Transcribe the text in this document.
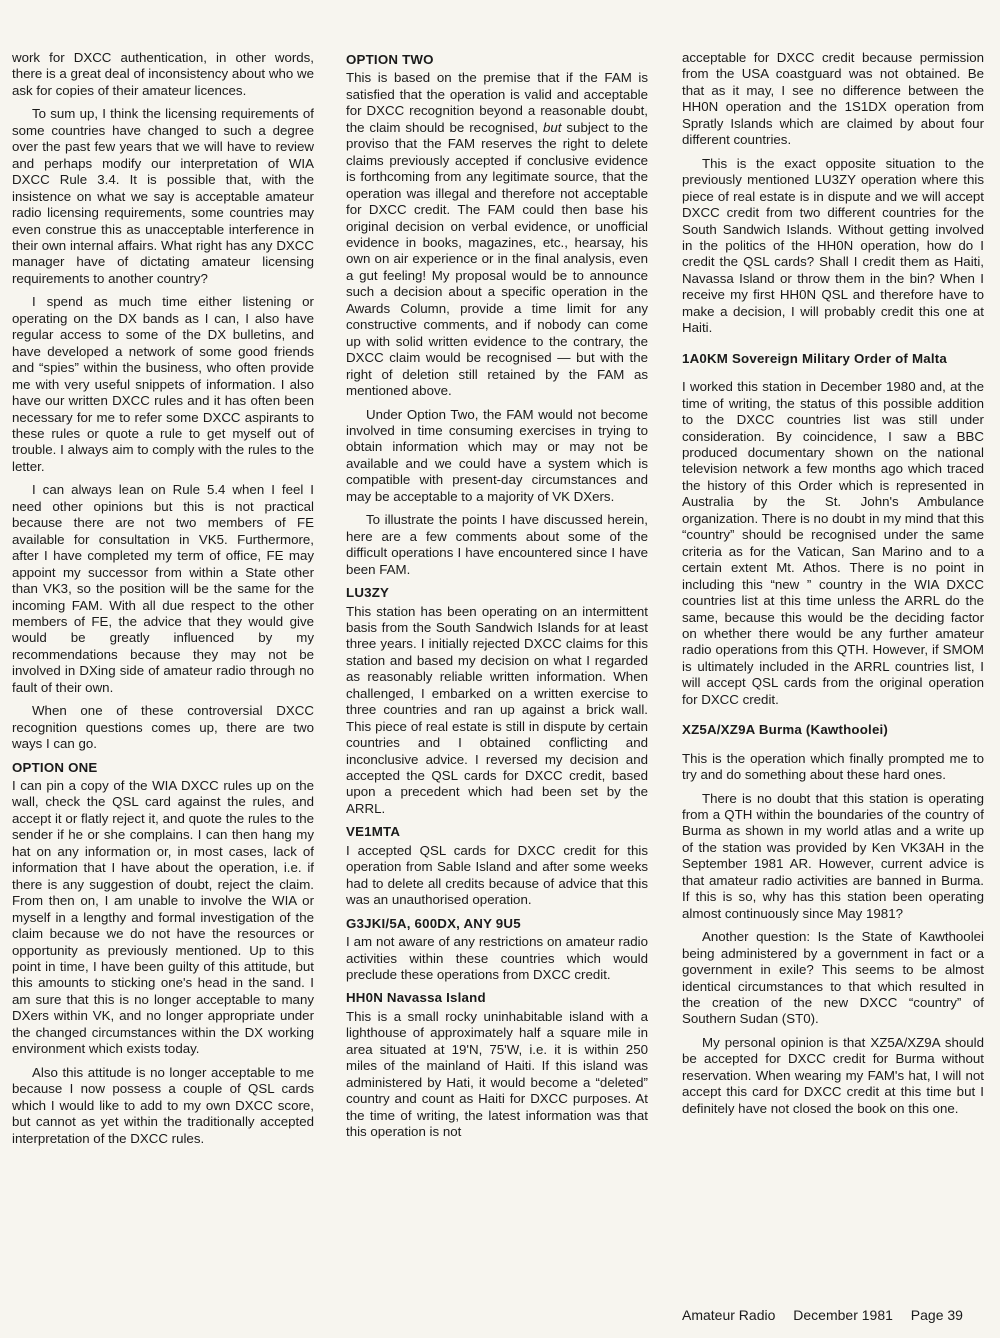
work for DXCC authentication, in other words, there is a great deal of inconsistency about who we ask for copies of their amateur licences.

To sum up, I think the licensing requirements of some countries have changed to such a degree over the past few years that we will have to review and perhaps modify our interpretation of WIA DXCC Rule 3.4. It is possible that, with the insistence on what we say is acceptable amateur radio licensing requirements, some countries may even construe this as unacceptable interference in their own internal affairs. What right has any DXCC manager have of dictating amateur licensing requirements to another country?

I spend as much time either listening or operating on the DX bands as I can, I also have regular access to some of the DX bulletins, and have developed a network of some good friends and “spies” within the business, who often provide me with very useful snippets of information. I also have our written DXCC rules and it has often been necessary for me to refer some DXCC aspirants to these rules or quote a rule to get myself out of trouble. I always aim to comply with the rules to the letter.

I can always lean on Rule 5.4 when I feel I need other opinions but this is not practical because there are not two members of FE available for consultation in VK5. Furthermore, after I have completed my term of office, FE may appoint my successor from within a State other than VK3, so the position will be the same for the incoming FAM. With all due respect to the other members of FE, the advice that they would give would be greatly influenced by my recommendations because they may not be involved in DXing side of amateur radio through no fault of their own.

When one of these controversial DXCC recognition questions comes up, there are two ways I can go.

OPTION ONE

I can pin a copy of the WIA DXCC rules up on the wall, check the QSL card against the rules, and accept it or flatly reject it, and quote the rules to the sender if he or she complains. I can then hang my hat on any information or, in most cases, lack of information that I have about the operation, i.e. if there is any suggestion of doubt, reject the claim. From then on, I am unable to involve the WIA or myself in a lengthy and formal investigation of the claim because we do not have the resources or opportunity as previously mentioned. Up to this point in time, I have been guilty of this attitude, but this amounts to sticking one's head in the sand. I am sure that this is no longer acceptable to many DXers within VK, and no longer appropriate under the changed circumstances within the DX working environment which exists today.

Also this attitude is no longer acceptable to me because I now possess a couple of QSL cards which I would like to add to my own DXCC score, but cannot as yet within the traditionally accepted interpretation of the DXCC rules.

OPTION TWO

This is based on the premise that if the FAM is satisfied that the operation is valid and acceptable for DXCC recognition beyond a reasonable doubt, the claim should be recognised, but subject to the proviso that the FAM reserves the right to delete claims previously accepted if conclusive evidence is forthcoming from any legitimate source, that the operation was illegal and therefore not acceptable for DXCC credit. The FAM could then base his original decision on verbal evidence, or unofficial evidence in books, magazines, etc., hearsay, his own on air experience or in the final analysis, even a gut feeling! My proposal would be to announce such a decision about a specific operation in the Awards Column, provide a time limit for any constructive comments, and if nobody can come up with solid written evidence to the contrary, the DXCC claim would be recognised — but with the right of deletion still retained by the FAM as mentioned above.

Under Option Two, the FAM would not become involved in time consuming exercises in trying to obtain information which may or may not be available and we could have a system which is compatible with present-day circumstances and may be acceptable to a majority of VK DXers.

To illustrate the points I have discussed herein, here are a few comments about some of the difficult operations I have encountered since I have been FAM.

LU3ZY

This station has been operating on an intermittent basis from the South Sandwich Islands for at least three years. I initially rejected DXCC claims for this station and based my decision on what I regarded as reasonably reliable written information. When challenged, I embarked on a written exercise to three countries and ran up against a brick wall. This piece of real estate is still in dispute by certain countries and I obtained conflicting and inconclusive advice. I reversed my decision and accepted the QSL cards for DXCC credit, based upon a precedent which had been set by the ARRL.

VE1MTA

I accepted QSL cards for DXCC credit for this operation from Sable Island and after some weeks had to delete all credits because of advice that this was an unauthorised operation.

G3JKI/5A, 600DX, ANY 9U5

I am not aware of any restrictions on amateur radio activities within these countries which would preclude these operations from DXCC credit.

HH0N Navassa Island

This is a small rocky uninhabitable island with a lighthouse of approximately half a square mile in area situated at 19'N, 75'W, i.e. it is within 250 miles of the mainland of Haiti. If this island was administered by Hati, it would become a “deleted” country and count as Haiti for DXCC purposes. At the time of writing, the latest information was that this operation is not

acceptable for DXCC credit because permission from the USA coastguard was not obtained. Be that as it may, I see no difference between the HH0N operation and the 1S1DX operation from Spratly Islands which are claimed by about four different countries.

This is the exact opposite situation to the previously mentioned LU3ZY operation where this piece of real estate is in dispute and we will accept DXCC credit from two different countries for the South Sandwich Islands. Without getting involved in the politics of the HH0N operation, how do I credit the QSL cards? Shall I credit them as Haiti, Navassa Island or throw them in the bin? When I receive my first HH0N QSL and therefore have to make a decision, I will probably credit this one at Haiti.

1A0KM Sovereign Military Order of Malta

I worked this station in December 1980 and, at the time of writing, the status of this possible addition to the DXCC countries list was still under consideration. By coincidence, I saw a BBC produced documentary shown on the national television network a few months ago which traced the history of this Order which is represented in Australia by the St. John's Ambulance organization. There is no doubt in my mind that this “country” should be recognised under the same criteria as for the Vatican, San Marino and to a certain extent Mt. Athos. There is no point in including this “new ” country in the WIA DXCC countries list at this time unless the ARRL do the same, because this would be the deciding factor on whether there would be any further amateur radio operations from this QTH. However, if SMOM is ultimately included in the ARRL countries list, I will accept QSL cards from the original operation for DXCC credit.

XZ5A/XZ9A Burma (Kawthoolei)

This is the operation which finally prompted me to try and do something about these hard ones.

There is no doubt that this station is operating from a QTH within the boundaries of the country of Burma as shown in my world atlas and a write up of the station was provided by Ken VK3AH in the September 1981 AR. However, current advice is that amateur radio activities are banned in Burma. If this is so, why has this station been operating almost continuously since May 1981?

Another question: Is the State of Kawthoolei being administered by a government in fact or a government in exile? This seems to be almost identical circumstances to that which resulted in the creation of the new DXCC “country” of Southern Sudan (ST0).

My personal opinion is that XZ5A/XZ9A should be accepted for DXCC credit for Burma without reservation. When wearing my FAM's hat, I will not accept this card for DXCC credit at this time but I definitely have not closed the book on this one.

Amateur Radio December 1981 Page 39
